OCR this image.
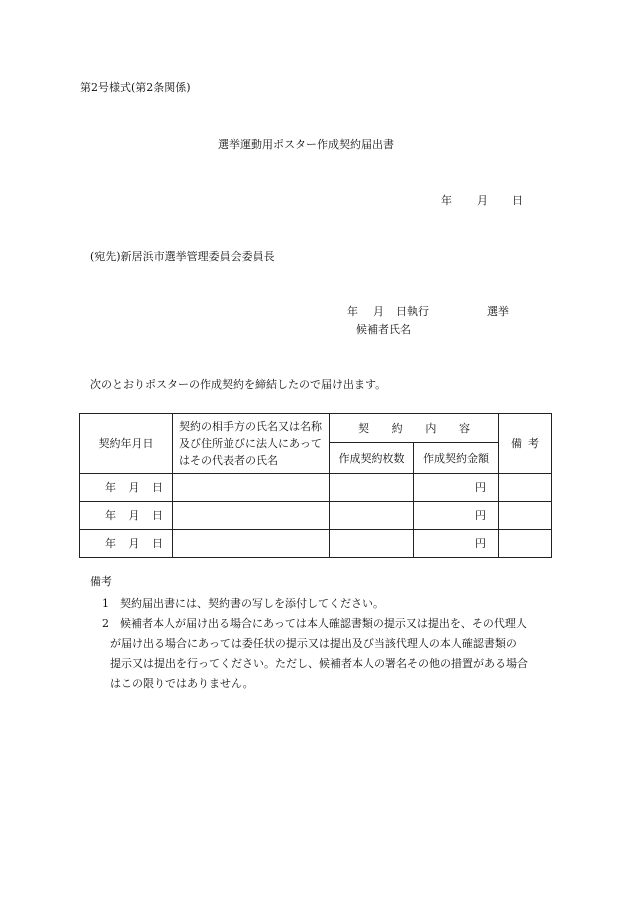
第2号様式(第2条関係)
選挙運動用ポスター作成契約届出書
年 月 日
(宛先)新居浜市選挙管理委員会委員長
年 月 日執行	選挙
候補者氏名
次のとおりポスターの作成契約を締結したので届け出ます。
契約年月日	契約の相手方の氏名又は名称及び住所並びに法人にあってはその代表者の氏名	契 約 内 容		備 考

		作成契約枚数	作成契約金額	

年 月 日			円	

年 月 日			円	

年 月 日			円	
備考
1 契約届出書には、契約書の写しを添付してください。
2 候補者本人が届け出る場合にあっては本人確認書類の提示又は提出を、その代理人
が届け出る場合にあっては委任状の提示又は提出及び当該代理人の本人確認書類の
提示又は提出を行ってください。ただし、候補者本人の署名その他の措置がある場合
はこの限りではありません。
